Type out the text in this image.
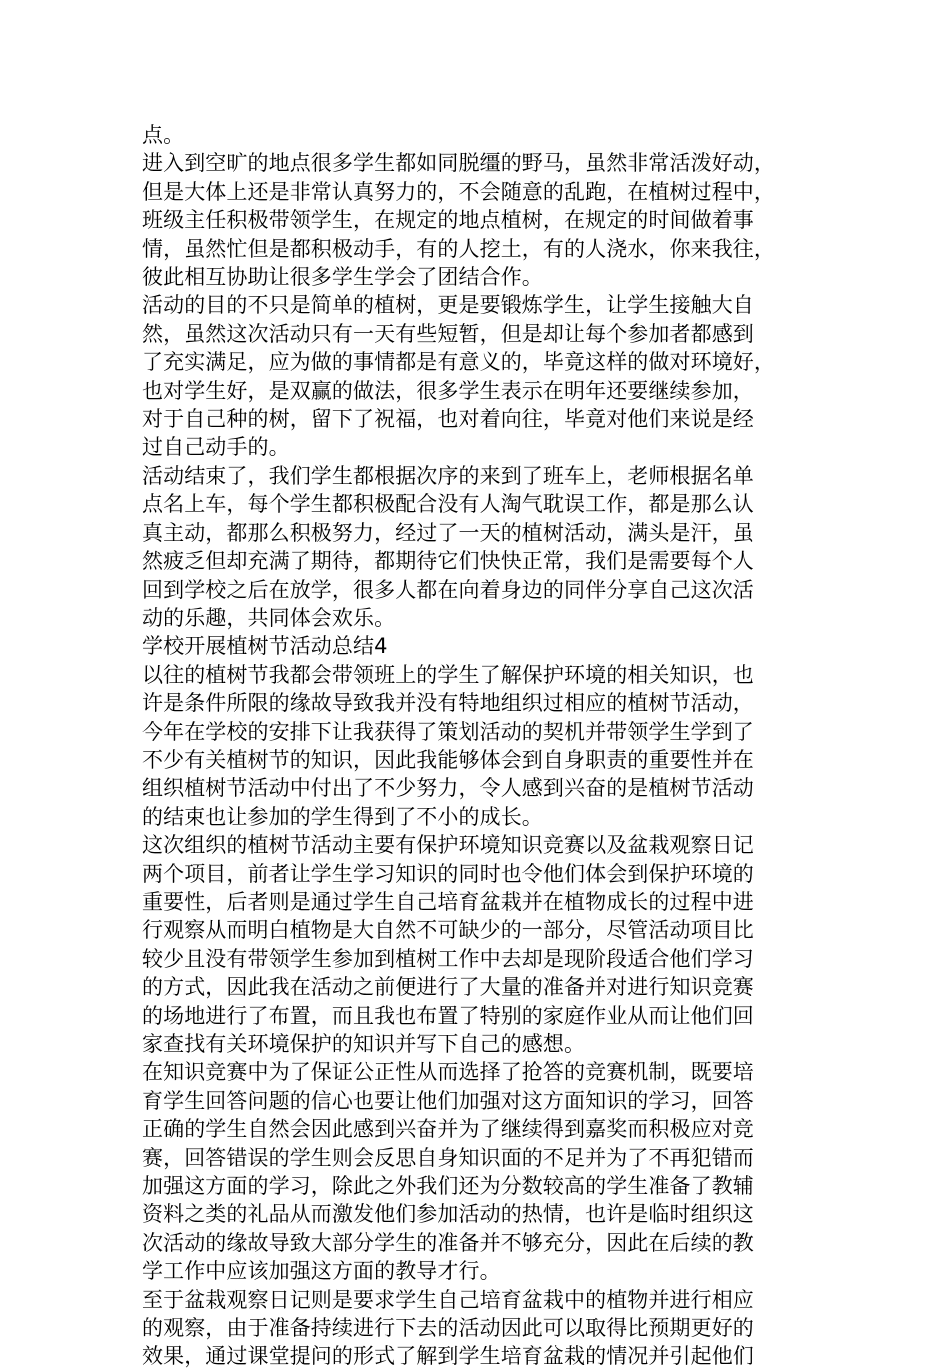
点。

进入到空旷的地点很多学生都如同脱缰的野马，虽然非常活泼好动，
但是大体上还是非常认真努力的，不会随意的乱跑，在植树过程中，
班级主任积极带领学生，在规定的地点植树，在规定的时间做着事
情，虽然忙但是都积极动手，有的人挖土，有的人浇水，你来我往，
彼此相互协助让很多学生学会了团结合作。

活动的目的不只是简单的植树，更是要锻炼学生，让学生接触大自
然，虽然这次活动只有一天有些短暂，但是却让每个参加者都感到
了充实满足，应为做的事情都是有意义的，毕竟这样的做对环境好，
也对学生好，是双赢的做法，很多学生表示在明年还要继续参加，
对于自己种的树，留下了祝福，也对着向往，毕竟对他们来说是经
过自己动手的。

活动结束了，我们学生都根据次序的来到了班车上，老师根据名单
点名上车，每个学生都积极配合没有人淘气耽误工作，都是那么认
真主动，都那么积极努力，经过了一天的植树活动，满头是汗，虽
然疲乏但却充满了期待，都期待它们快快正常，我们是需要每个人
回到学校之后在放学，很多人都在向着身边的同伴分享自己这次活
动的乐趣，共同体会欢乐。

学校开展植树节活动总结4

以往的植树节我都会带领班上的学生了解保护环境的相关知识，也
许是条件所限的缘故导致我并没有特地组织过相应的植树节活动，
今年在学校的安排下让我获得了策划活动的契机并带领学生学到了
不少有关植树节的知识，因此我能够体会到自身职责的重要性并在
组织植树节活动中付出了不少努力，令人感到兴奋的是植树节活动
的结束也让参加的学生得到了不小的成长。

这次组织的植树节活动主要有保护环境知识竞赛以及盆栽观察日记
两个项目，前者让学生学习知识的同时也令他们体会到保护环境的
重要性，后者则是通过学生自己培育盆栽并在植物成长的过程中进
行观察从而明白植物是大自然不可缺少的一部分，尽管活动项目比
较少且没有带领学生参加到植树工作中去却是现阶段适合他们学习
的方式，因此我在活动之前便进行了大量的准备并对进行知识竞赛
的场地进行了布置，而且我也布置了特别的家庭作业从而让他们回
家查找有关环境保护的知识并写下自己的感想。

在知识竞赛中为了保证公正性从而选择了抢答的竞赛机制，既要培
育学生回答问题的信心也要让他们加强对这方面知识的学习，回答
正确的学生自然会因此感到兴奋并为了继续得到嘉奖而积极应对竞
赛，回答错误的学生则会反思自身知识面的不足并为了不再犯错而
加强这方面的学习，除此之外我们还为分数较高的学生准备了教辅
资料之类的礼品从而激发他们参加活动的热情，也许是临时组织这
次活动的缘故导致大部分学生的准备并不够充分，因此在后续的教
学工作中应该加强这方面的教导才行。

至于盆栽观察日记则是要求学生自己培育盆栽中的植物并进行相应
的观察，由于准备持续进行下去的活动因此可以取得比预期更好的
效果，通过课堂提问的形式了解到学生培育盆栽的情况并引起他们
